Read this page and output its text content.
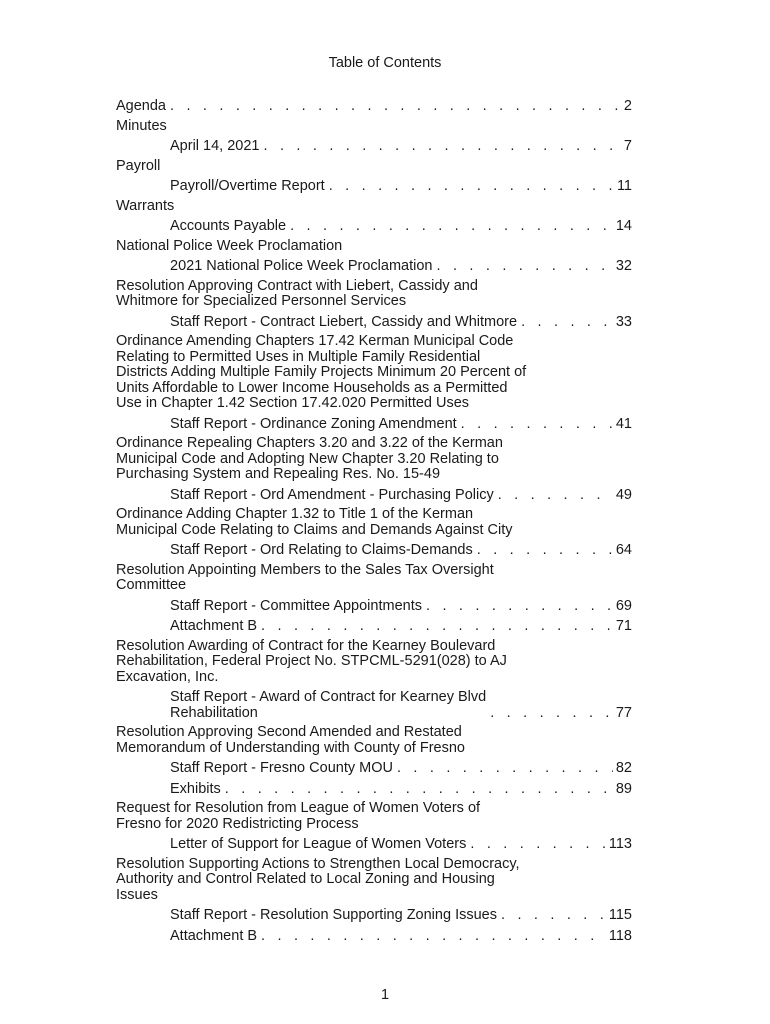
Table of Contents
Agenda . . .	2
Minutes
April 14, 2021 . . .	7
Payroll
Payroll/Overtime Report . . .	11
Warrants
Accounts Payable . . .	14
National Police Week Proclamation
2021 National Police Week Proclamation . . .	32
Resolution Approving Contract with Liebert, Cassidy and
Whitmore for Specialized Personnel Services
Staff Report - Contract Liebert, Cassidy and Whitmore . . .	33
Ordinance Amending Chapters 17.42 Kerman Municipal Code
Relating to Permitted Uses in Multiple Family Residential
Districts Adding Multiple Family Projects Minimum 20 Percent of
Units Affordable to Lower Income Households as a Permitted
Use in Chapter 1.42 Section 17.42.020 Permitted Uses
Staff Report - Ordinance Zoning Amendment . . .	41
Ordinance Repealing Chapters 3.20 and 3.22 of the Kerman
Municipal Code and Adopting New Chapter 3.20 Relating to
Purchasing System and Repealing Res. No. 15-49
Staff Report - Ord Amendment - Purchasing Policy . . .	49
Ordinance Adding Chapter 1.32 to Title 1 of the Kerman
Municipal Code Relating to Claims and Demands Against City
Staff Report - Ord Relating to Claims-Demands . . .	64
Resolution Appointing Members to the Sales Tax Oversight
Committee
Staff Report - Committee Appointments . . .	69
Attachment B . . .	71
Resolution Awarding of Contract for the Kearney Boulevard
Rehabilitation, Federal Project No. STPCML-5291(028) to AJ
Excavation, Inc.
Staff Report - Award of Contract for Kearney Blvd
Rehabilitation . . .	77
Resolution Approving Second Amended and Restated
Memorandum of Understanding with County of Fresno
Staff Report - Fresno County MOU . . .	82
Exhibits . . .	89
Request for Resolution from League of Women Voters of
Fresno for 2020 Redistricting Process
Letter of Support for League of Women Voters . . .	113
Resolution Supporting Actions to Strengthen Local Democracy,
Authority and Control Related to Local Zoning and Housing
Issues
Staff Report - Resolution Supporting Zoning Issues . . .	115
Attachment B . . .	118
1
